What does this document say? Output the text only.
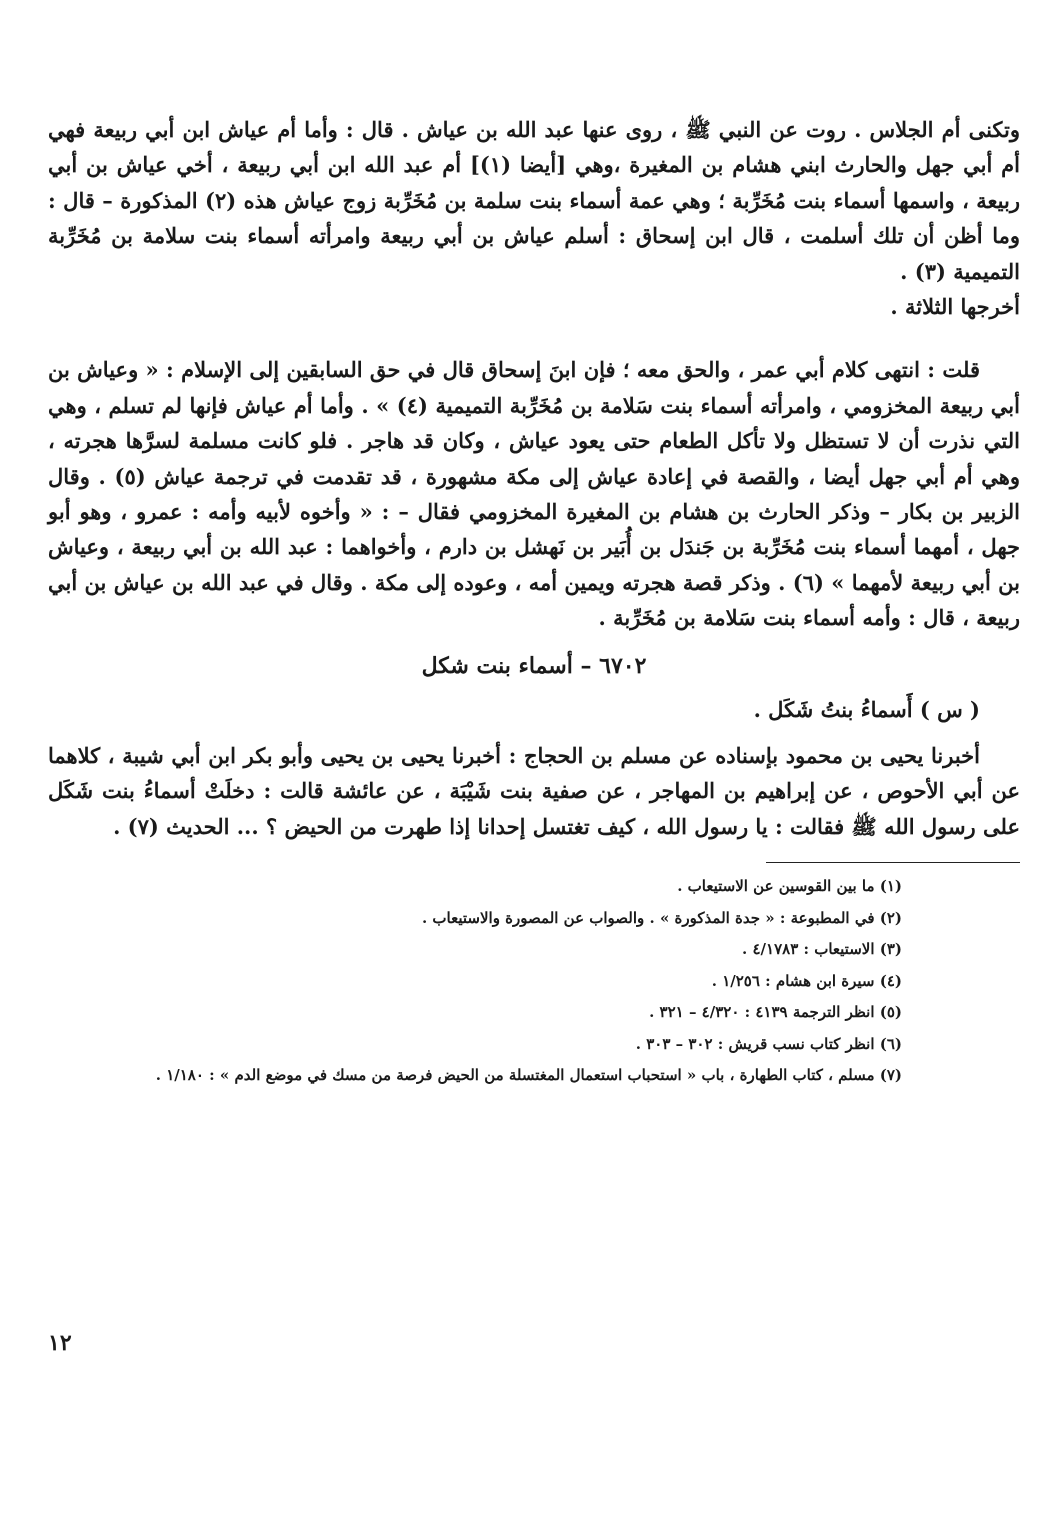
وتكنى أم الجلاس . روت عن النبي ﷺ ، روى عنها عبد الله بن عياش . قال : وأما أم عياش ابن أبي ربيعة فهي أم أبي جهل والحارث ابني هشام بن المغيرة ،وهي [أيضا (١)] أم عبد الله ابن أبي ربيعة ، أخي عياش بن أبي ربيعة ، واسمها أسماء بنت مُخَرِّبة ؛ وهي عمة أسماء بنت سلمة بن مُخَرِّبة زوج عياش هذه (٢) المذكورة – قال : وما أظن أن تلك أسلمت ، قال ابن إسحاق : أسلم عياش بن أبي ربيعة وامرأته أسماء بنت سلامة بن مُخَرِّبة التميمية (٣) .

أخرجها الثلاثة .

قلت : انتهى كلام أبي عمر ، والحق معه ؛ فإن ابنَ إسحاق قال في حق السابقين إلى الإسلام : « وعياش بن أبي ربيعة المخزومي ، وامرأته أسماء بنت سَلامة بن مُخَرِّبة التميمية (٤) » . وأما أم عياش فإنها لم تسلم ، وهي التي نذرت أن لا تستظل ولا تأكل الطعام حتى يعود عياش ، وكان قد هاجر . فلو كانت مسلمة لسرَّها هجرته ، وهي أم أبي جهل أيضا ، والقصة في إعادة عياش إلى مكة مشهورة ، قد تقدمت في ترجمة عياش (٥) . وقال الزبير بن بكار – وذكر الحارث بن هشام بن المغيرة المخزومي فقال – : « وأخوه لأبيه وأمه : عمرو ، وهو أبو جهل ، أمهما أسماء بنت مُخَرِّبة بن جَندَل بن أُبَير بن نَهشل بن دارم ، وأخواهما : عبد الله بن أبي ربيعة ، وعياش بن أبي ربيعة لأمهما » (٦) . وذكر قصة هجرته ويمين أمه ، وعوده إلى مكة . وقال في عبد الله بن عياش بن أبي ربيعة ، قال : وأمه أسماء بنت سَلامة بن مُخَرِّبة .

٦٧٠٢ – أسماء بنت شكل
( س ) أَسماءُ بنتُ شَكَل .

أخبرنا يحيى بن محمود بإسناده عن مسلم بن الحجاج : أخبرنا يحيى بن يحيى وأبو بكر ابن أبي شيبة ، كلاهما عن أبي الأحوص ، عن إبراهيم بن المهاجر ، عن صفية بنت شَيْبَة ، عن عائشة قالت : دخلَتْ أسماءُ بنت شَكَل على رسول الله ﷺ فقالت : يا رسول الله ، كيف تغتسل إحدانا إذا طهرت من الحيض ؟ ... الحديث (٧) .

(١) ما بين القوسين عن الاستيعاب .
(٢) في المطبوعة : « جدة المذكورة » . والصواب عن المصورة والاستيعاب .
(٣) الاستيعاب : ٤/١٧٨٣ .
(٤) سيرة ابن هشام : ١/٢٥٦ .
(٥) انظر الترجمة ٤١٣٩ : ٤/٣٢٠ – ٣٢١ .
(٦) انظر كتاب نسب قريش : ٣٠٢ – ٣٠٣ .
(٧) مسلم ، كتاب الطهارة ، باب « استحباب استعمال المغتسلة من الحيض فرصة من مسك في موضع الدم » : ١/١٨٠ .
١٢
